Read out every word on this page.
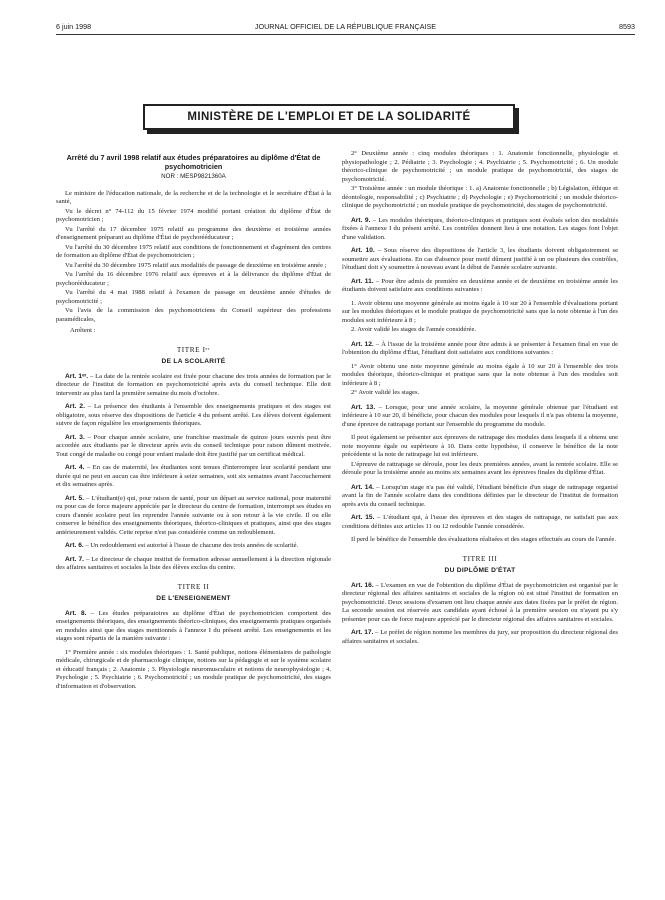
6 juin 1998	JOURNAL OFFICIEL DE LA RÉPUBLIQUE FRANÇAISE	8593
MINISTÈRE DE L'EMPLOI ET DE LA SOLIDARITÉ
Arrêté du 7 avril 1998 relatif aux études préparatoires au diplôme d'État de psychomotricien
NOR : MESP9821360A
Le ministre de l'éducation nationale, de la recherche et de la technologie et le secrétaire d'État à la santé,
Vu le décret n° 74-112 du 15 février 1974 modifié portant création du diplôme d'État de psychomotricien ;
Vu l'arrêté du 17 décembre 1975 relatif au programme des deuxième et troisième années d'enseignement préparant au diplôme d'État de psychorééducateur ;
Vu l'arrêté du 30 décembre 1975 relatif aux conditions de fonctionnement et d'agrément des centres de formation au diplôme d'État de psychomotricien ;
Vu l'arrêté du 30 décembre 1975 relatif aux modalités de passage de deuxième en troisième année ;
Vu l'arrêté du 16 décembre 1976 relatif aux épreuves et à la délivrance du diplôme d'État de psychorééducateur ;
Vu l'arrêté du 4 mai 1988 relatif à l'examen de passage en deuxième année d'études de psychomotricité ;
Vu l'avis de la commission des psychomotriciens du Conseil supérieur des professions paramédicales,
Arrêtent :
TITRE Iᵉʳ
DE LA SCOLARITÉ
Art. 1ᵉʳ. – La date de la rentrée scolaire est fixée pour chacune des trois années de formation par le directeur de l'institut de formation en psychomotricité après avis du conseil technique. Elle doit intervenir au plus tard la première semaine du mois d'octobre.
Art. 2. – La présence des étudiants à l'ensemble des enseignements pratiques et des stages est obligatoire, sous réserve des dispositions de l'article 4 du présent arrêté. Les élèves doivent également suivre de façon régulière les enseignements théoriques.
Art. 3. – Pour chaque année scolaire, une franchise maximale de quinze jours ouvrés peut être accordée aux étudiants par le directeur après avis du conseil technique pour raison dûment motivée. Tout congé de maladie ou congé pour enfant malade doit être justifié par un certificat médical.
Art. 4. – En cas de maternité, les étudiantes sont tenues d'interrompre leur scolarité pendant une durée qui ne peut en aucun cas être inférieure à seize semaines, soit six semaines avant l'accouchement et dix semaines après.
Art. 5. – L'étudiant(e) qui, pour raison de santé, pour un départ au service national, pour maternité ou pour cas de force majeure appréciée par le directeur du centre de formation, interrompt ses études en cours d'année scolaire peut les reprendre l'année suivante ou à son retour à la vie civile. Il ou elle conserve le bénéfice des enseignements théoriques, théorico-cliniques et pratiques, ainsi que des stages antérieurement validés. Cette reprise n'est pas considérée comme un redoublement.
Art. 6. – Un redoublement est autorisé à l'issue de chacune des trois années de scolarité.
Art. 7. – Le directeur de chaque institut de formation adresse annuellement à la direction régionale des affaires sanitaires et sociales la liste des élèves exclus du centre.
TITRE II
DE L'ENSEIGNEMENT
Art. 8. – Les études préparatoires au diplôme d'État de psychomotricien comportent des enseignements théoriques, des enseignements théorico-cliniques, des enseignements pratiques organisés en modules ainsi que des stages mentionnés à l'annexe I du présent arrêté. Les enseignements et les stages sont répartis de la manière suivante :
1° Première année : six modules théoriques : 1. Santé publique, notions élémentaires de pathologie médicale, chirurgicale et de pharmacologie clinique, notions sur la pédagogie et sur le système scolaire et éducatif français ; 2. Anatomie ; 3. Physiologie neuromusculaire et notions de neurophysiologie ; 4. Psychologie ; 5. Psychiatrie ; 6. Psychomotricité ; un module pratique de psychomotricité, des stages d'information et d'observation.
2° Deuxième année : cinq modules théoriques : 1. Anatomie fonctionnelle, physiologie et physiopathologie ; 2. Pédiatrie ; 3. Psychologie ; 4. Psychiatrie ; 5. Psychomotricité ; 6. Un module théorico-clinique de psychomotricité ; un module pratique de psychomotricité, des stages de psychomotricité.
3° Troisième année : un module théorique : 1. a) Anatomie fonctionnelle ; b) Législation, éthique et déontologie, responsabilité ; c) Psychiatrie ; d) Psychologie ; e) Psychomotricité ; un module théorico-clinique de psychomotricité ; un module pratique de psychomotricité, des stages de psychomotricité.
Art. 9. – Les modules théoriques, théorico-cliniques et pratiques sont évalués selon des modalités fixées à l'annexe I du présent arrêté. Les contrôles donnent lieu à une notation. Les stages font l'objet d'une validation.
Art. 10. – Sous réserve des dispositions de l'article 3, les étudiants doivent obligatoirement se soumettre aux évaluations. En cas d'absence pour motif dûment justifié à un ou plusieurs des contrôles, l'étudiant doit s'y soumettre à nouveau avant le début de l'année scolaire suivante.
Art. 11. – Pour être admis de première en deuxième année et de deuxième en troisième année les étudiants doivent satisfaire aux conditions suivantes :
1. Avoir obtenu une moyenne générale au moins égale à 10 sur 20 à l'ensemble d'évaluations portant sur les modules théoriques et le module pratique de psychomotricité sans que la note obtenue à l'un des modules soit inférieure à 8 ;
2. Avoir validé les stages de l'année considérée.
Art. 12. – À l'issue de la troisième année pour être admis à se présenter à l'examen final en vue de l'obtention du diplôme d'État, l'étudiant doit satisfaire aux conditions suivantes :
1° Avoir obtenu une note moyenne générale au moins égale à 10 sur 20 à l'ensemble des trois modules théorique, théorico-clinique et pratique sans que la note obtenue à l'un des modules soit inférieure à 8 ;
2° Avoir validé les stages.
Art. 13. – Lorsque, pour une année scolaire, la moyenne générale obtenue par l'étudiant est inférieure à 10 sur 20, il bénéficie, pour chacun des modules pour lesquels il n'a pas obtenu la moyenne, d'une épreuve de rattrapage portant sur l'ensemble du programme du module.
Il peut également se présenter aux épreuves de rattrapage des modules dans lesquels il a obtenu une note moyenne égale ou supérieure à 10. Dans cette hypothèse, il conserve le bénéfice de la note précédente si la note de rattrapage lui est inférieure.
L'épreuve de rattrapage se déroule, pour les deux premières années, avant la rentrée scolaire. Elle se déroule pour la troisième année au moins six semaines avant les épreuves finales du diplôme d'État.
Art. 14. – Lorsqu'un stage n'a pas été validé, l'étudiant bénéficie d'un stage de rattrapage organisé avant la fin de l'année scolaire dans des conditions définies par le directeur de l'institut de formation après avis du conseil technique.
Art. 15. – L'étudiant qui, à l'issue des épreuves et des stages de rattrapage, ne satisfait pas aux conditions définies aux articles 11 ou 12 redouble l'année considérée.
Il perd le bénéfice de l'ensemble des évaluations réalisées et des stages effectués au cours de l'année.
TITRE III
DU DIPLÔME D'ÉTAT
Art. 16. – L'examen en vue de l'obtention du diplôme d'État de psychomotricien est organisé par le directeur régional des affaires sanitaires et sociales de la région où est situé l'institut de formation en psychomotricité. Deux sessions d'examen ont lieu chaque année aux dates fixées par le préfet de région. La seconde session est réservée aux candidats ayant échoué à la première session ou n'ayant pu s'y présenter pour cas de force majeure apprécié par le directeur régional des affaires sanitaires et sociales.
Art. 17. – Le préfet de région nomme les membres du jury, sur proposition du directeur régional des affaires sanitaires et sociales.
